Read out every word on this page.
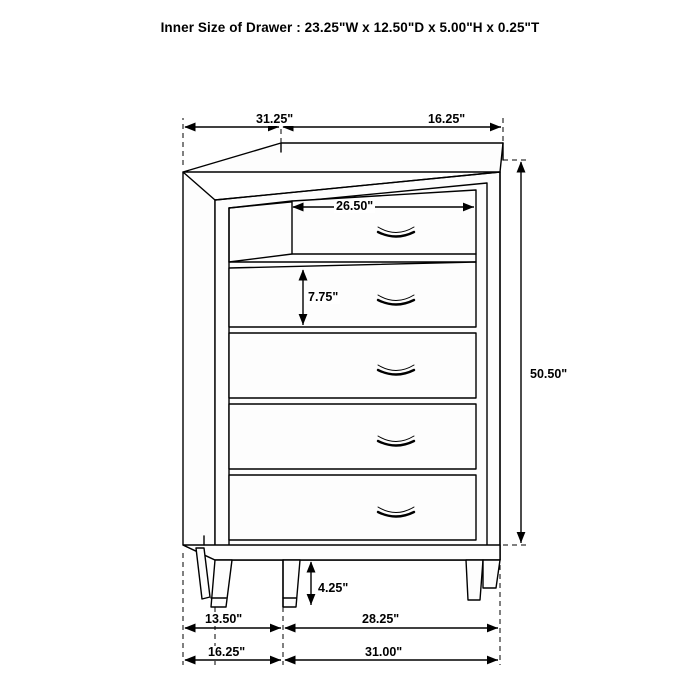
Inner Size of Drawer : 23.25"W x 12.50"D x 5.00"H x 0.25"T
31.25"	16.25"
26.50"
7.75"
50.50"
4.25"
28.25"
13.50"
16.25"	31.00"
